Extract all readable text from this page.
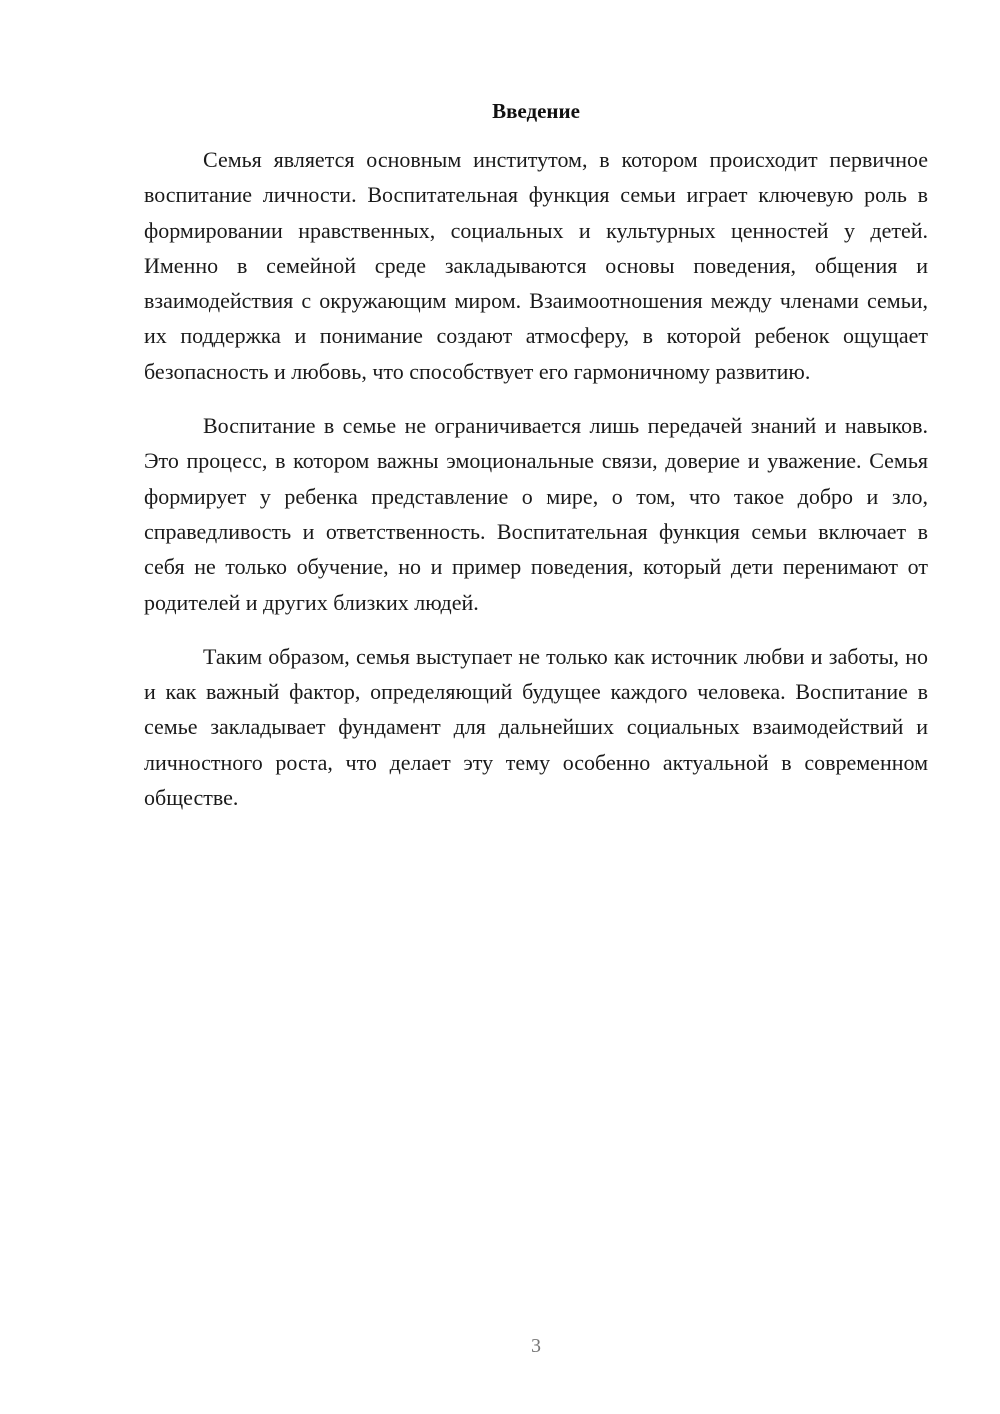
Введение

Семья является основным институтом, в котором происходит первичное воспитание личности. Воспитательная функция семьи играет ключевую роль в формировании нравственных, социальных и культурных ценностей у детей. Именно в семейной среде закладываются основы поведения, общения и взаимодействия с окружающим миром. Взаимоотношения между членами семьи, их поддержка и понимание создают атмосферу, в которой ребенок ощущает безопасность и любовь, что способствует его гармоничному развитию.

Воспитание в семье не ограничивается лишь передачей знаний и навыков. Это процесс, в котором важны эмоциональные связи, доверие и уважение. Семья формирует у ребенка представление о мире, о том, что такое добро и зло, справедливость и ответственность. Воспитательная функция семьи включает в себя не только обучение, но и пример поведения, который дети перенимают от родителей и других близких людей.

Таким образом, семья выступает не только как источник любви и заботы, но и как важный фактор, определяющий будущее каждого человека. Воспитание в семье закладывает фундамент для дальнейших социальных взаимодействий и личностного роста, что делает эту тему особенно актуальной в современном обществе.

3
